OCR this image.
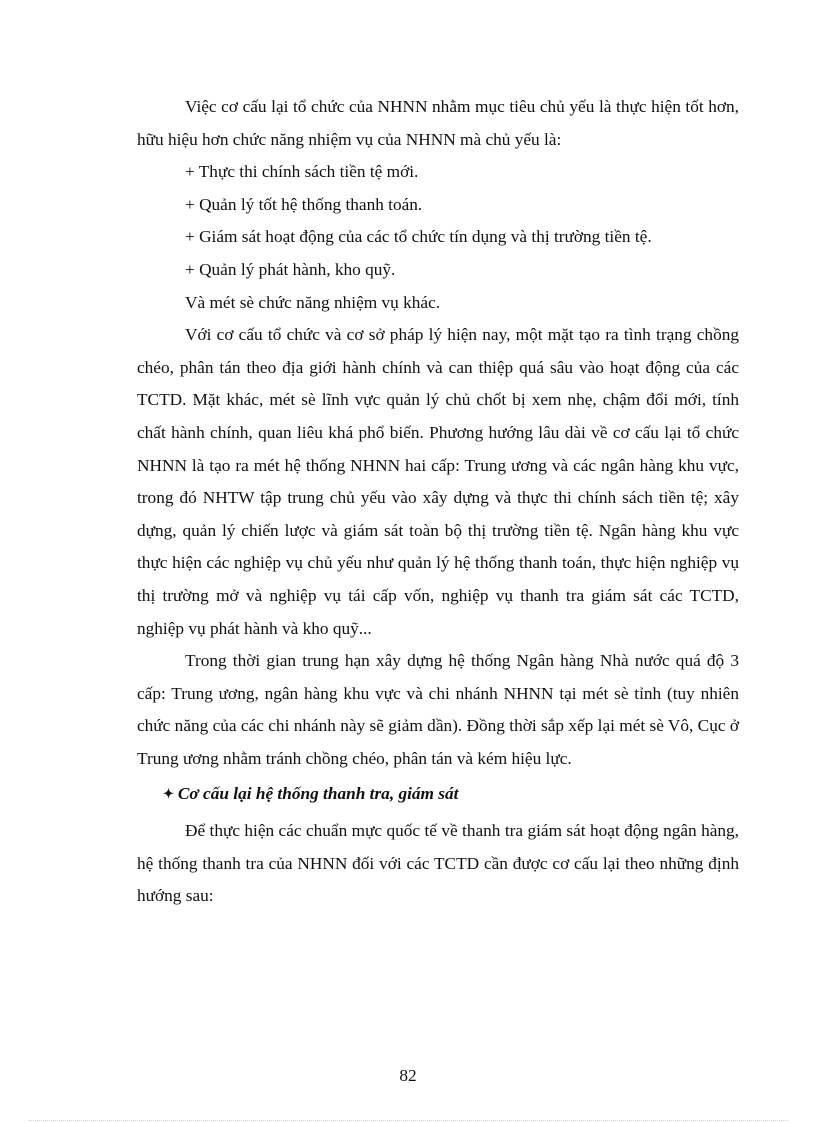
Việc cơ cấu lại tổ chức của NHNN nhằm mục tiêu chủ yếu là thực hiện tốt hơn, hữu hiệu hơn chức năng nhiệm vụ của NHNN mà chủ yếu là:

+ Thực thi chính sách tiền tệ mới.

+ Quản lý tốt hệ thống thanh toán.

+ Giám sát hoạt động của các tổ chức tín dụng và thị trường tiền tệ.

+ Quản lý phát hành, kho quỹ.

Và mét sè chức năng nhiệm vụ khác.

Với cơ cấu tổ chức và cơ sở pháp lý hiện nay, một mặt tạo ra tình trạng chồng chéo, phân tán theo địa giới hành chính và can thiệp quá sâu vào hoạt động của các TCTD. Mặt khác, mét sè lĩnh vực quản lý chủ chốt bị xem nhẹ, chậm đổi mới, tính chất hành chính, quan liêu khá phổ biến. Phương hướng lâu dài về cơ cấu lại tổ chức NHNN là tạo ra mét hệ thống NHNN hai cấp: Trung ương và các ngân hàng khu vực, trong đó NHTW tập trung chủ yếu vào xây dựng và thực thi chính sách tiền tệ; xây dựng, quản lý chiến lược và giám sát toàn bộ thị trường tiền tệ. Ngân hàng khu vực thực hiện các nghiệp vụ chủ yếu như quản lý hệ thống thanh toán, thực hiện nghiệp vụ thị trường mở và nghiệp vụ tái cấp vốn, nghiệp vụ thanh tra giám sát các TCTD, nghiệp vụ phát hành và kho quỹ...

Trong thời gian trung hạn xây dựng hệ thống Ngân hàng Nhà nước quá độ 3 cấp: Trung ương, ngân hàng khu vực và chi nhánh NHNN tại mét sè tỉnh (tuy nhiên chức năng của các chi nhánh này sẽ giảm dần). Đồng thời sắp xếp lại mét sè Vô, Cục ở Trung ương nhằm tránh chồng chéo, phân tán và kém hiệu lực.

✦ Cơ cấu lại hệ thống thanh tra, giám sát

Để thực hiện các chuẩn mực quốc tế về thanh tra giám sát hoạt động ngân hàng, hệ thống thanh tra của NHNN đối với các TCTD cần được cơ cấu lại theo những định hướng sau:

82
